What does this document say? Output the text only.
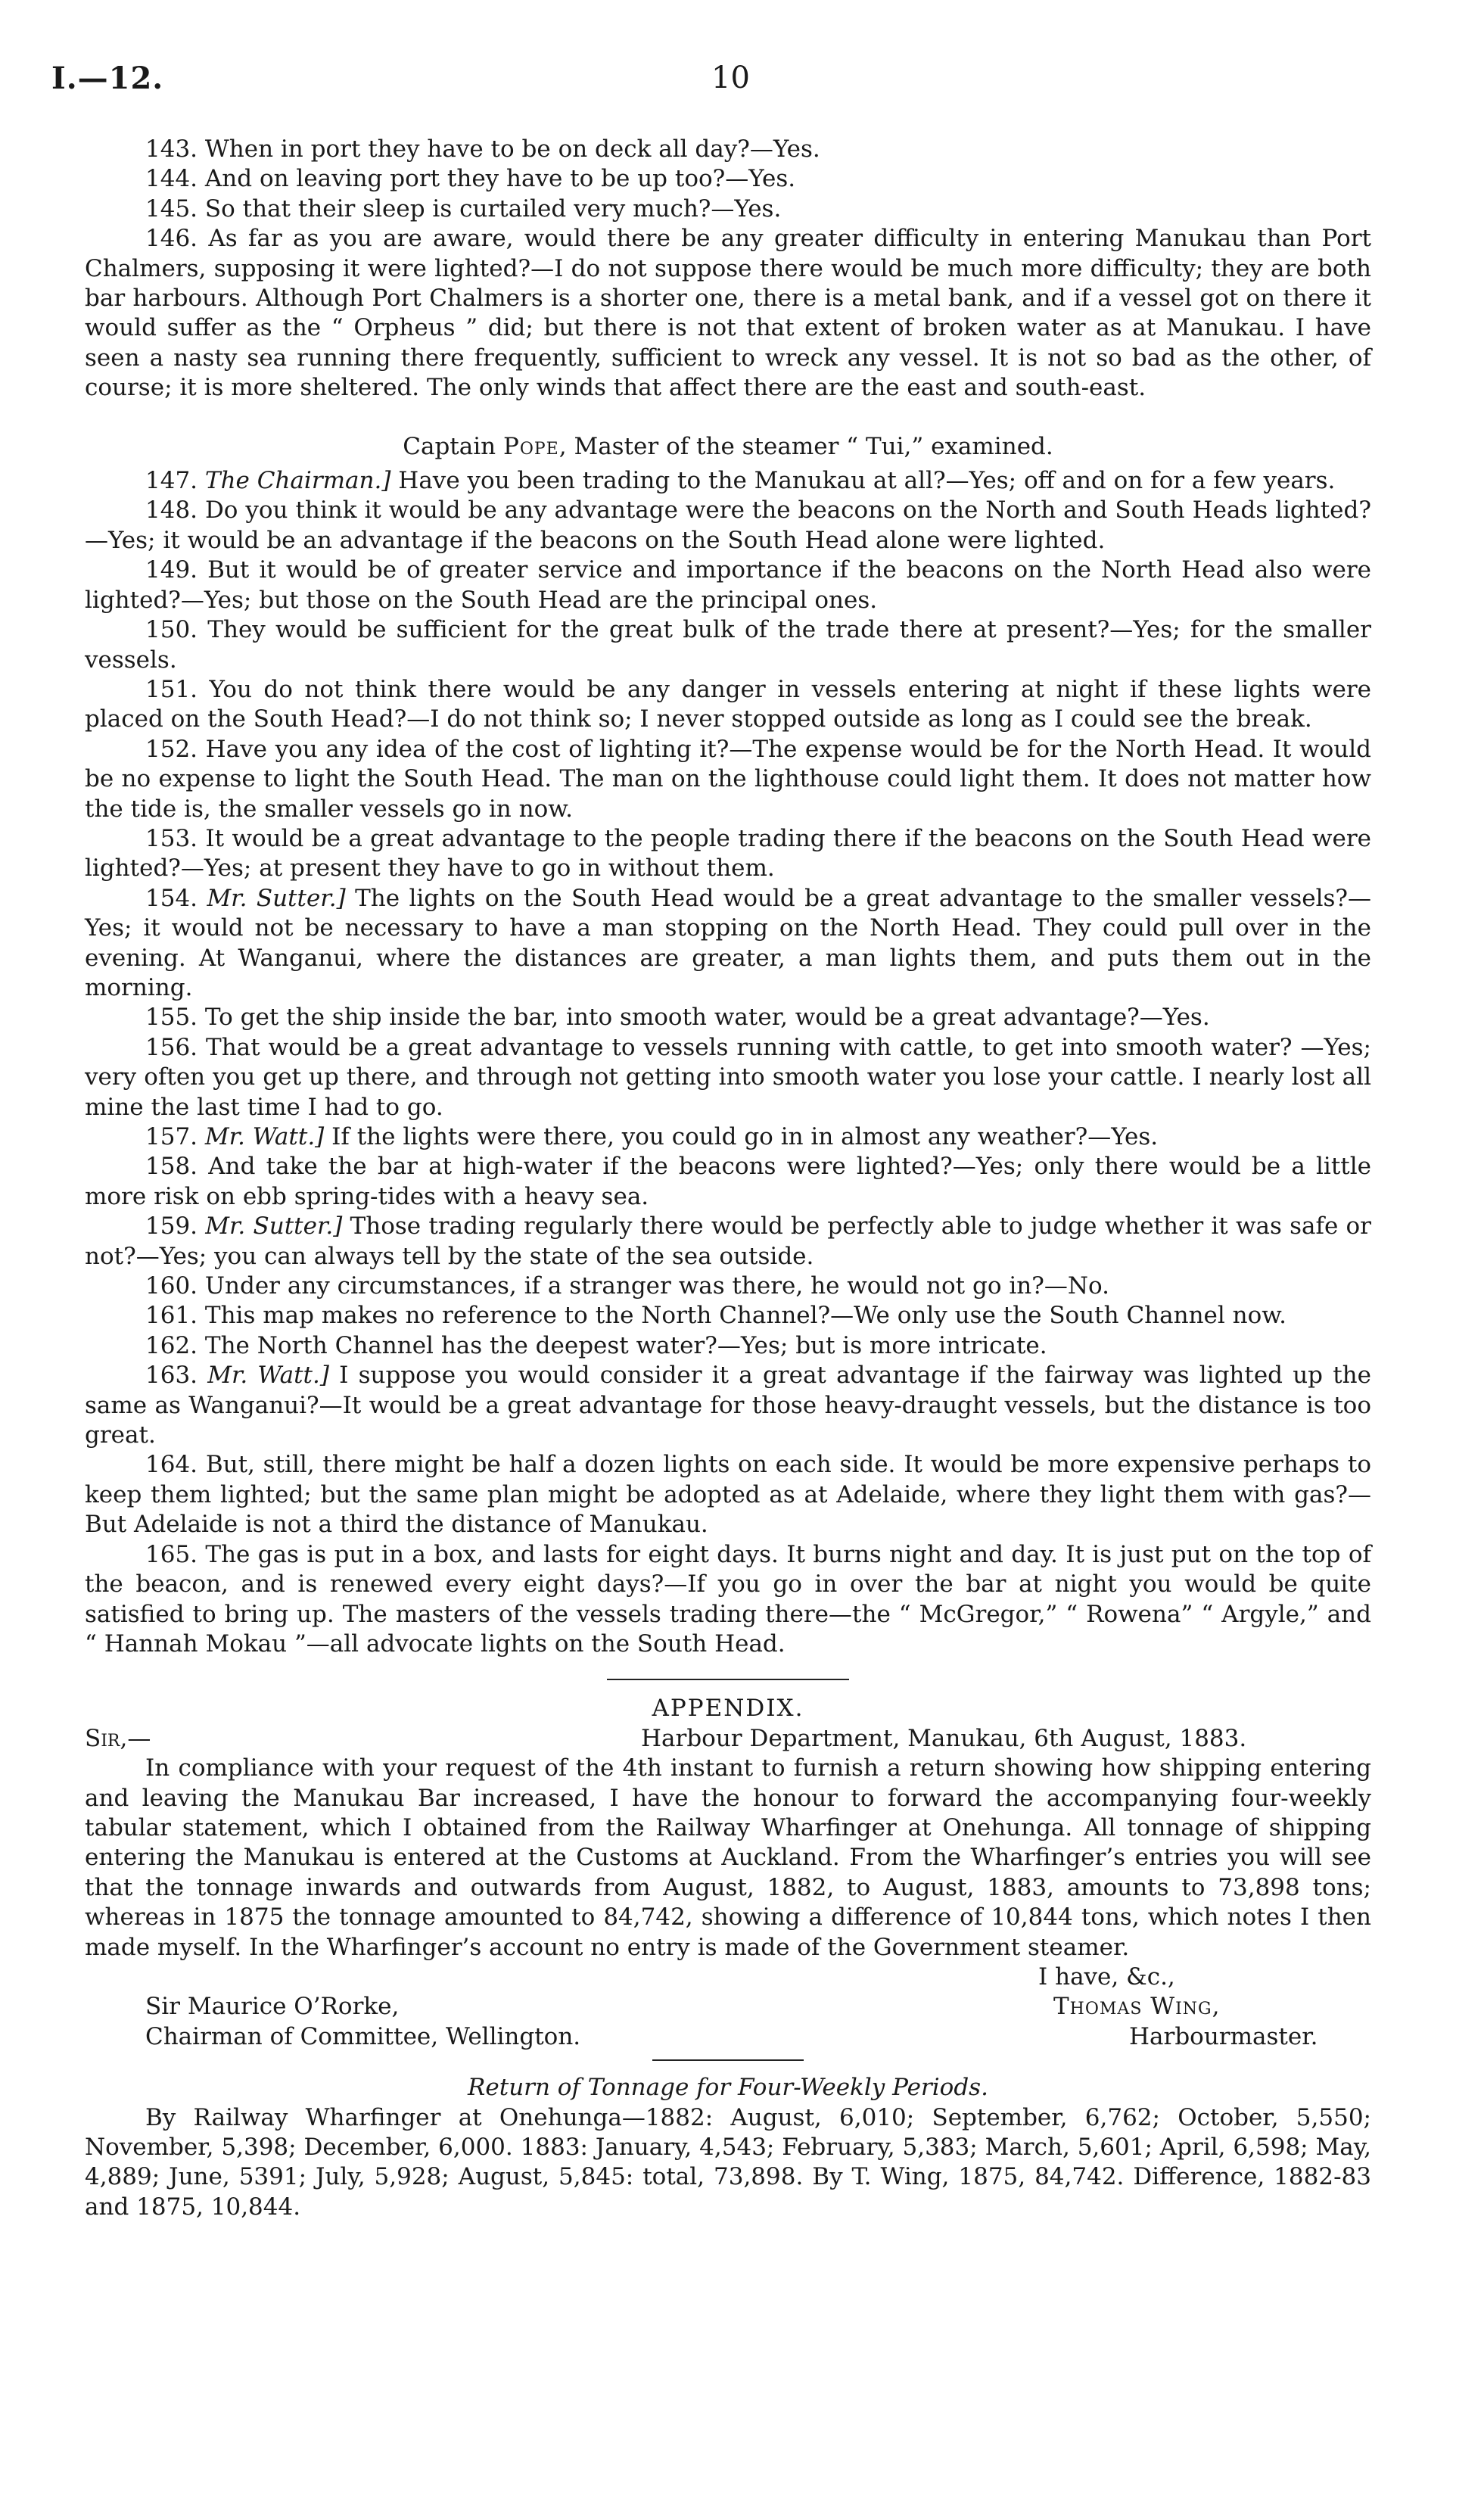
I.—12.	10

143. When in port they have to be on deck all day?—Yes.

144. And on leaving port they have to be up too?—Yes.

145. So that their sleep is curtailed very much?—Yes.

146. As far as you are aware, would there be any greater difficulty in entering Manukau than Port Chalmers, supposing it were lighted?—I do not suppose there would be much more difficulty; they are both bar harbours. Although Port Chalmers is a shorter one, there is a metal bank, and if a vessel got on there it would suffer as the “ Orpheus ” did; but there is not that extent of broken water as at Manukau. I have seen a nasty sea running there frequently, sufficient to wreck any vessel. It is not so bad as the other, of course; it is more sheltered. The only winds that affect there are the east and south-east.

Captain Pope, Master of the steamer “ Tui,” examined.

147. The Chairman.] Have you been trading to the Manukau at all?—Yes; off and on for a few years.

148. Do you think it would be any advantage were the beacons on the North and South Heads lighted?—Yes; it would be an advantage if the beacons on the South Head alone were lighted.

149. But it would be of greater service and importance if the beacons on the North Head also were lighted?—Yes; but those on the South Head are the principal ones.

150. They would be sufficient for the great bulk of the trade there at present?—Yes; for the smaller vessels.

151. You do not think there would be any danger in vessels entering at night if these lights were placed on the South Head?—I do not think so; I never stopped outside as long as I could see the break.

152. Have you any idea of the cost of lighting it?—The expense would be for the North Head. It would be no expense to light the South Head. The man on the lighthouse could light them. It does not matter how the tide is, the smaller vessels go in now.

153. It would be a great advantage to the people trading there if the beacons on the South Head were lighted?—Yes; at present they have to go in without them.

154. Mr. Sutter.] The lights on the South Head would be a great advantage to the smaller vessels?—Yes; it would not be necessary to have a man stopping on the North Head. They could pull over in the evening. At Wanganui, where the distances are greater, a man lights them, and puts them out in the morning.

155. To get the ship inside the bar, into smooth water, would be a great advantage?—Yes.

156. That would be a great advantage to vessels running with cattle, to get into smooth water? —Yes; very often you get up there, and through not getting into smooth water you lose your cattle. I nearly lost all mine the last time I had to go.

157. Mr. Watt.] If the lights were there, you could go in in almost any weather?—Yes.

158. And take the bar at high-water if the beacons were lighted?—Yes; only there would be a little more risk on ebb spring-tides with a heavy sea.

159. Mr. Sutter.] Those trading regularly there would be perfectly able to judge whether it was safe or not?—Yes; you can always tell by the state of the sea outside.

160. Under any circumstances, if a stranger was there, he would not go in?—No.

161. This map makes no reference to the North Channel?—We only use the South Channel now.

162. The North Channel has the deepest water?—Yes; but is more intricate.

163. Mr. Watt.] I suppose you would consider it a great advantage if the fairway was lighted up the same as Wanganui?—It would be a great advantage for those heavy-draught vessels, but the distance is too great.

164. But, still, there might be half a dozen lights on each side. It would be more expensive perhaps to keep them lighted; but the same plan might be adopted as at Adelaide, where they light them with gas?—But Adelaide is not a third the distance of Manukau.

165. The gas is put in a box, and lasts for eight days. It burns night and day. It is just put on the top of the beacon, and is renewed every eight days?—If you go in over the bar at night you would be quite satisfied to bring up. The masters of the vessels trading there—the “ McGregor,” “ Rowena” “ Argyle,” and “ Hannah Mokau ”—all advocate lights on the South Head.

APPENDIX.

Sir,—	Harbour Department, Manukau, 6th August, 1883.

In compliance with your request of the 4th instant to furnish a return showing how shipping entering and leaving the Manukau Bar increased, I have the honour to forward the accompanying four-weekly tabular statement, which I obtained from the Railway Wharfinger at Onehunga. All tonnage of shipping entering the Manukau is entered at the Customs at Auckland. From the Wharfinger’s entries you will see that the tonnage inwards and outwards from August, 1882, to August, 1883, amounts to 73,898 tons; whereas in 1875 the tonnage amounted to 84,742, showing a difference of 10,844 tons, which notes I then made myself. In the Wharfinger’s account no entry is made of the Government steamer.

I have, &c.,
Sir Maurice O’Rorke,	Thomas Wing,
Chairman of Committee, Wellington.	Harbourmaster.

Return of Tonnage for Four-Weekly Periods.

By Railway Wharfinger at Onehunga—1882: August, 6,010; September, 6,762; October, 5,550; November, 5,398; December, 6,000. 1883: January, 4,543; February, 5,383; March, 5,601; April, 6,598; May, 4,889; June, 5391; July, 5,928; August, 5,845: total, 73,898. By T. Wing, 1875, 84,742. Difference, 1882-83 and 1875, 10,844.
